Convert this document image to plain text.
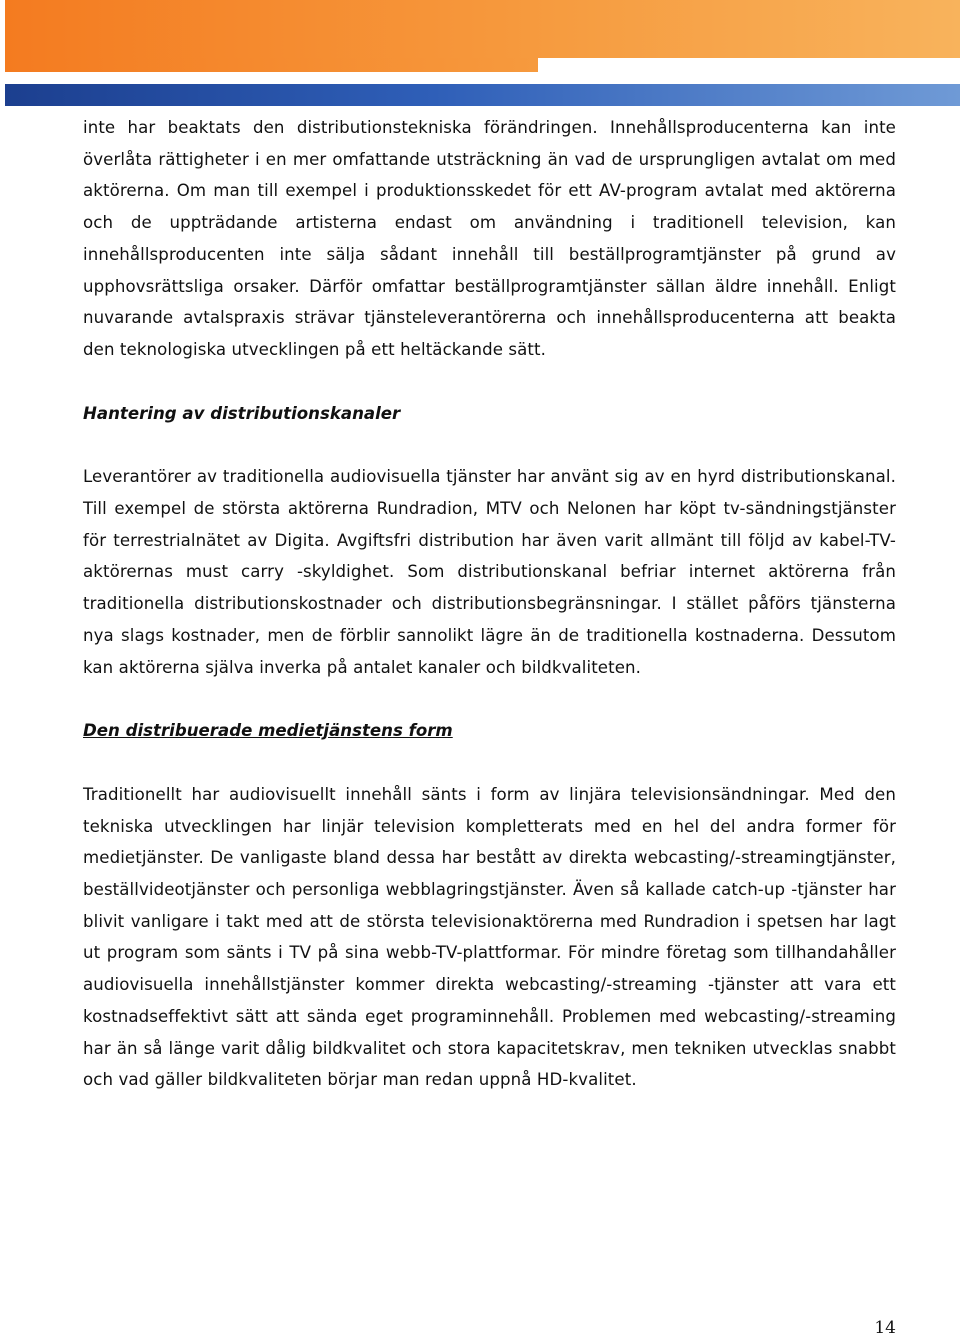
inte har beaktats den distributionstekniska förändringen. Innehållsproducenterna kan inte överlåta rättigheter i en mer omfattande utsträckning än vad de ursprungligen avtalat om med aktörerna. Om man till exempel i produktionsskedet för ett AV-program avtalat med aktörerna och de uppträdande artisterna endast om användning i traditionell television, kan innehållsproducenten inte sälja sådant innehåll till beställprogramtjänster på grund av upphovsrättsliga orsaker. Därför omfattar beställprogramtjänster sällan äldre innehåll. Enligt nuvarande avtalspraxis strävar tjänsteleverantörerna och innehållsproducenterna att beakta den teknologiska utvecklingen på ett heltäckande sätt.

Hantering av distributionskanaler

Leverantörer av traditionella audiovisuella tjänster har använt sig av en hyrd distributionskanal. Till exempel de största aktörerna Rundradion, MTV och Nelonen har köpt tv-sändningstjänster för terrestrialnätet av Digita. Avgiftsfri distribution har även varit allmänt till följd av kabel-TV-aktörernas must carry -skyldighet. Som distributionskanal befriar internet aktörerna från traditionella distributionskostnader och distributionsbegränsningar. I stället påförs tjänsterna nya slags kostnader, men de förblir sannolikt lägre än de traditionella kostnaderna. Dessutom kan aktörerna själva inverka på antalet kanaler och bildkvaliteten.

Den distribuerade medietjänstens form

Traditionellt har audiovisuellt innehåll sänts i form av linjära televisionsändningar. Med den tekniska utvecklingen har linjär television kompletterats med en hel del andra former för medietjänster. De vanligaste bland dessa har bestått av direkta webcasting/-streamingtjänster, beställvideotjänster och personliga webblagringstjänster. Även så kallade catch-up -tjänster har blivit vanligare i takt med att de största televisionaktörerna med Rundradion i spetsen har lagt ut program som sänts i TV på sina webb-TV-plattformar. För mindre företag som tillhandahåller audiovisuella innehållstjänster kommer direkta webcasting/-streaming -tjänster att vara ett kostnadseffektivt sätt att sända eget programinnehåll. Problemen med webcasting/-streaming har än så länge varit dålig bildkvalitet och stora kapacitetskrav, men tekniken utvecklas snabbt och vad gäller bildkvaliteten börjar man redan uppnå HD-kvalitet.

14
